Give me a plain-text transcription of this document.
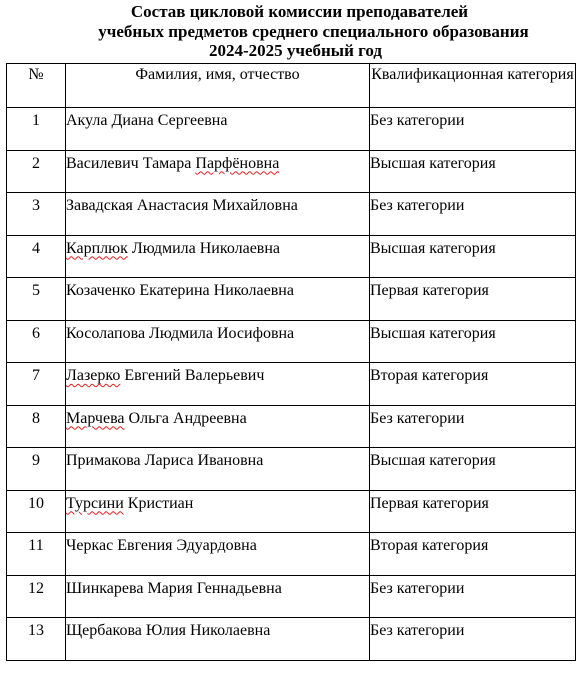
Состав цикловой комиссии преподавателей
учебных предметов среднего специального образования
2024-2025 учебный год
№	Фамилия, имя, отчество	Квалификационная категория
1	Акула Диана Сергеевна	Без категории
2	Василевич Тамара Парфёновна	Высшая категория
3	Завадская Анастасия Михайловна	Без категории
4	Карплюк Людмила Николаевна	Высшая категория
5	Козаченко Екатерина Николаевна	Первая категория
6	Косолапова Людмила Иосифовна	Высшая категория
7	Лазерко Евгений Валерьевич	Вторая категория
8	Марчева Ольга Андреевна	Без категории
9	Примакова Лариса Ивановна	Высшая категория
10	Турсини Кристиан	Первая категория
11	Черкас Евгения Эдуардовна	Вторая категория
12	Шинкарева Мария Геннадьевна	Без категории
13	Щербакова Юлия Николаевна	Без категории
